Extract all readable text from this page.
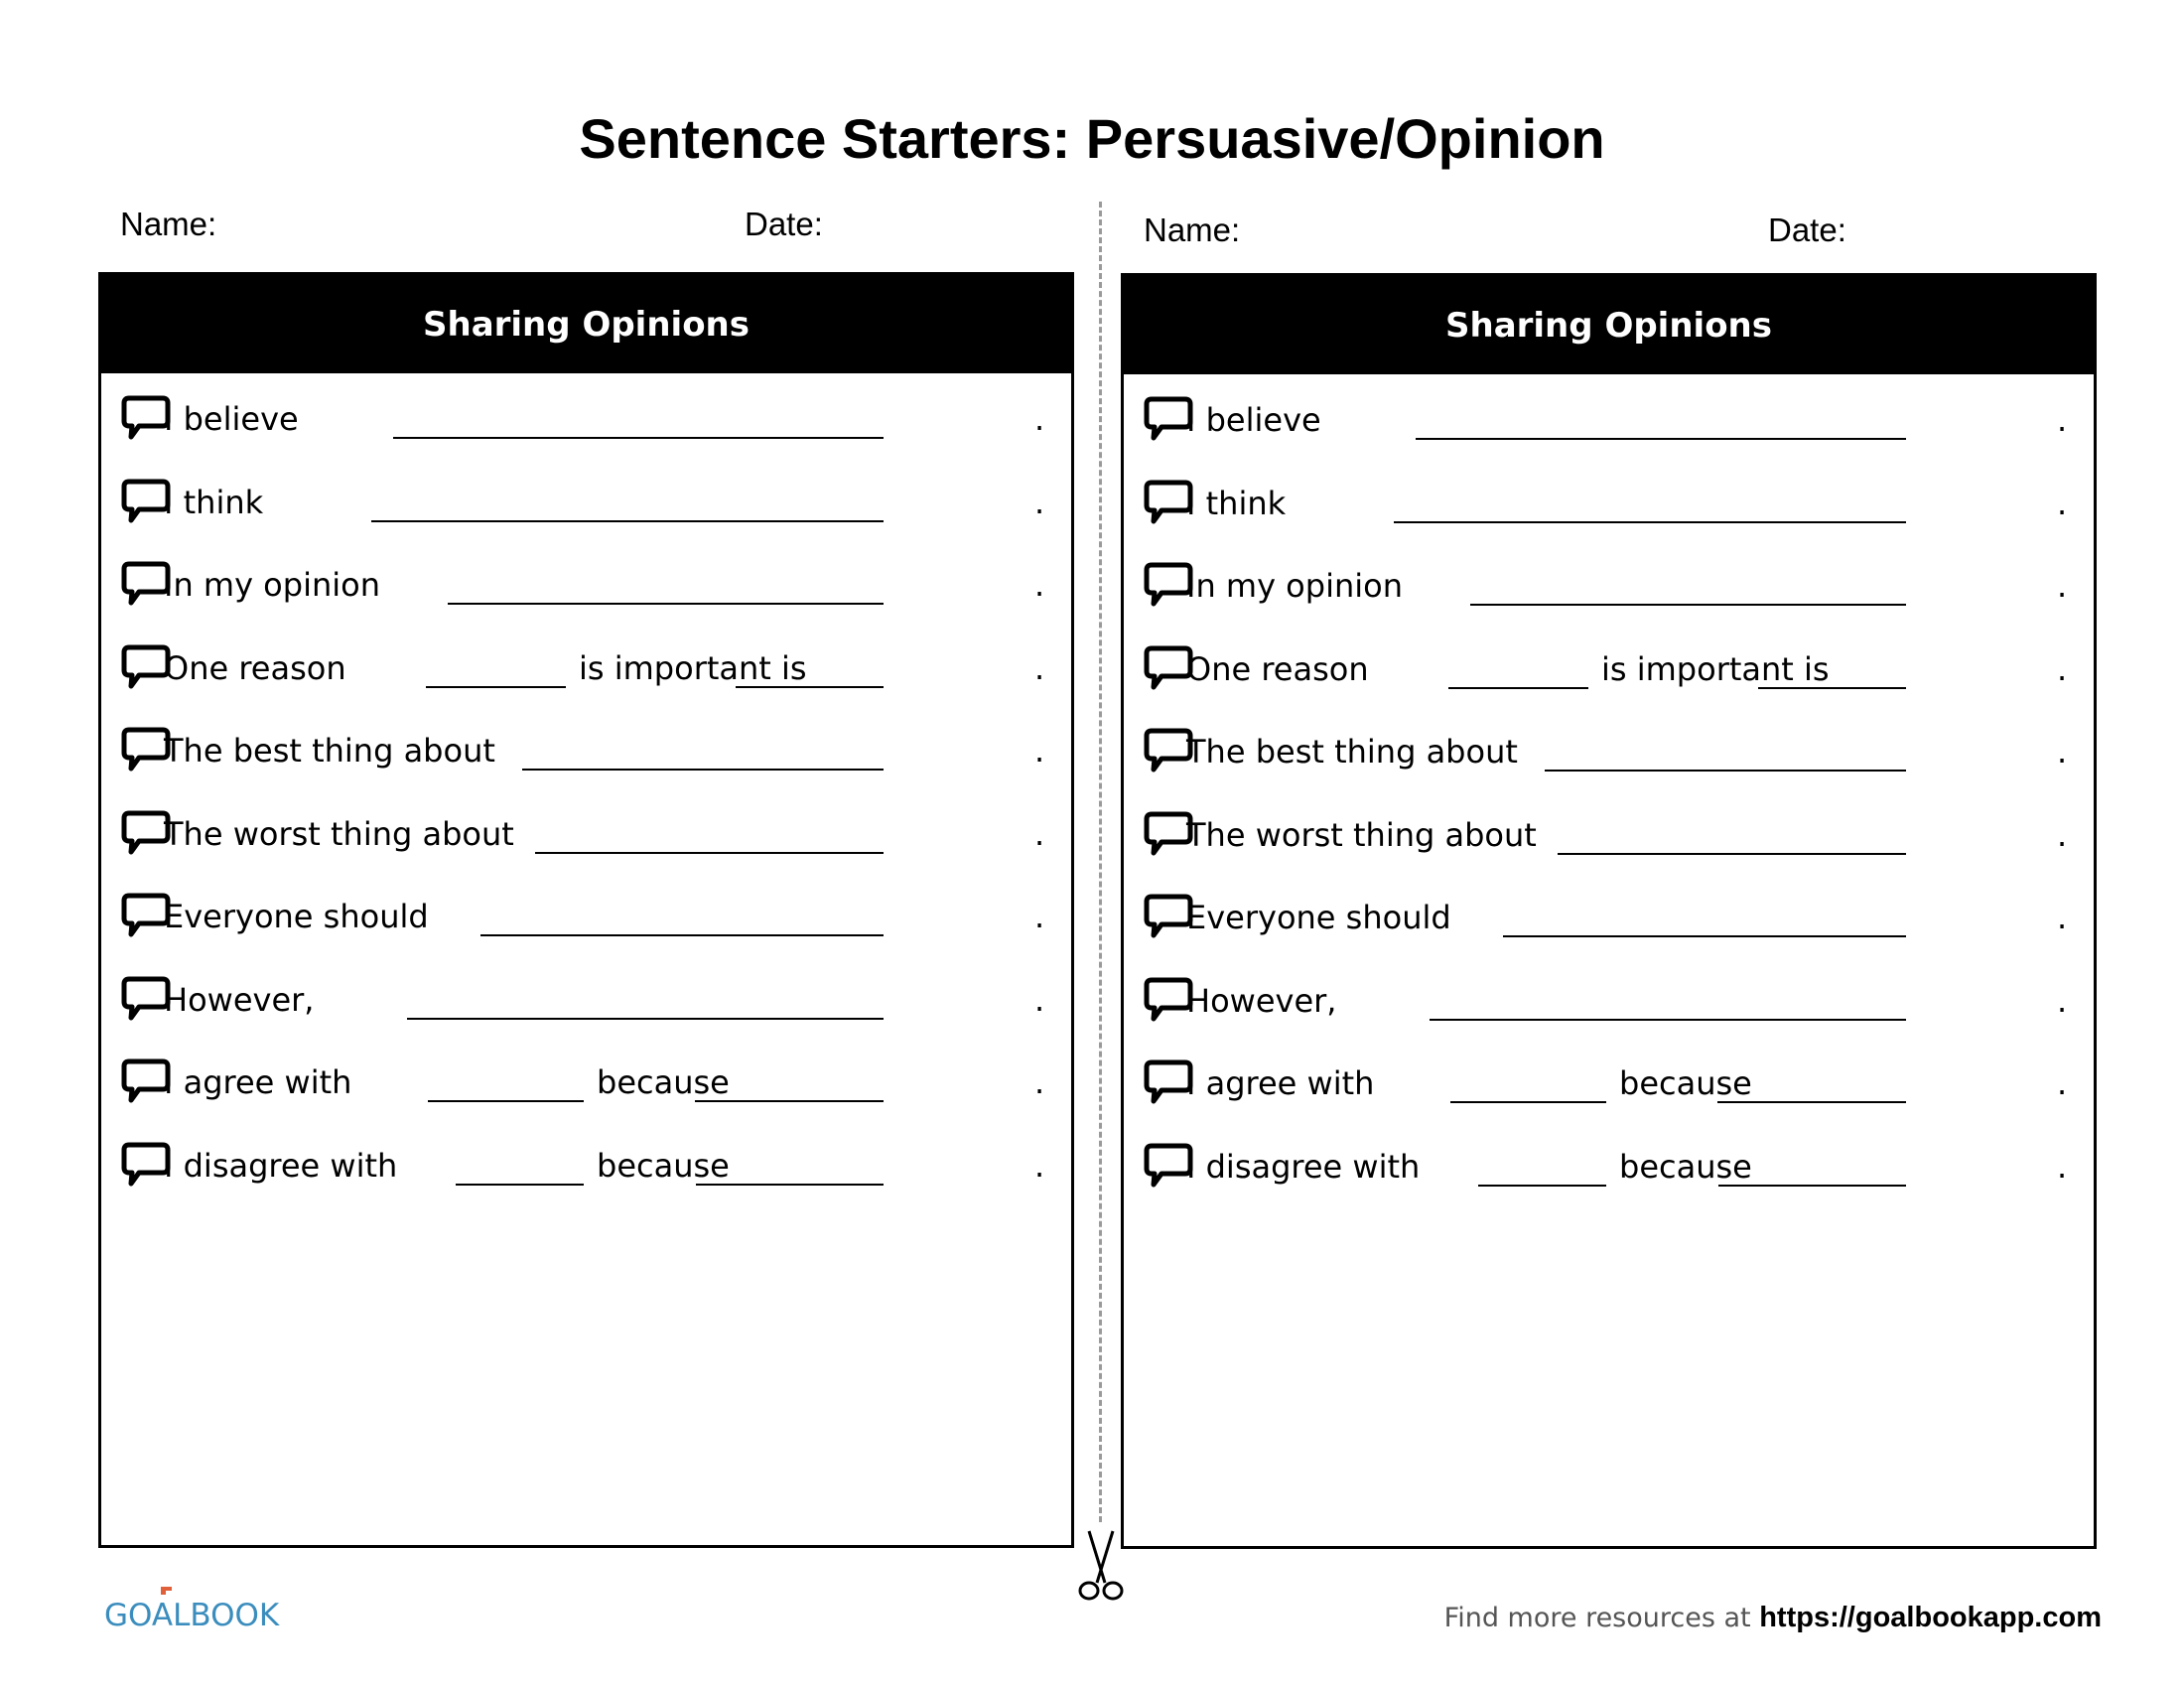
Sentence Starters: Persuasive/Opinion
Name:	Date:	Name:	Date:
Sharing Opinions
I believe	.
I think	.
In my opinion	.
One reason	is important is	.
The best thing about	.
The worst thing about	.
Everyone should	.
However,	.
I agree with	because	.
I disagree with	because	.
Sharing Opinions
I believe	.
I think	.
In my opinion	.
One reason	is important is	.
The best thing about	.
The worst thing about	.
Everyone should	.
However,	.
I agree with	because	.
I disagree with	because	.
GOALBOOK	Find more resources at https://goalbookapp.com
